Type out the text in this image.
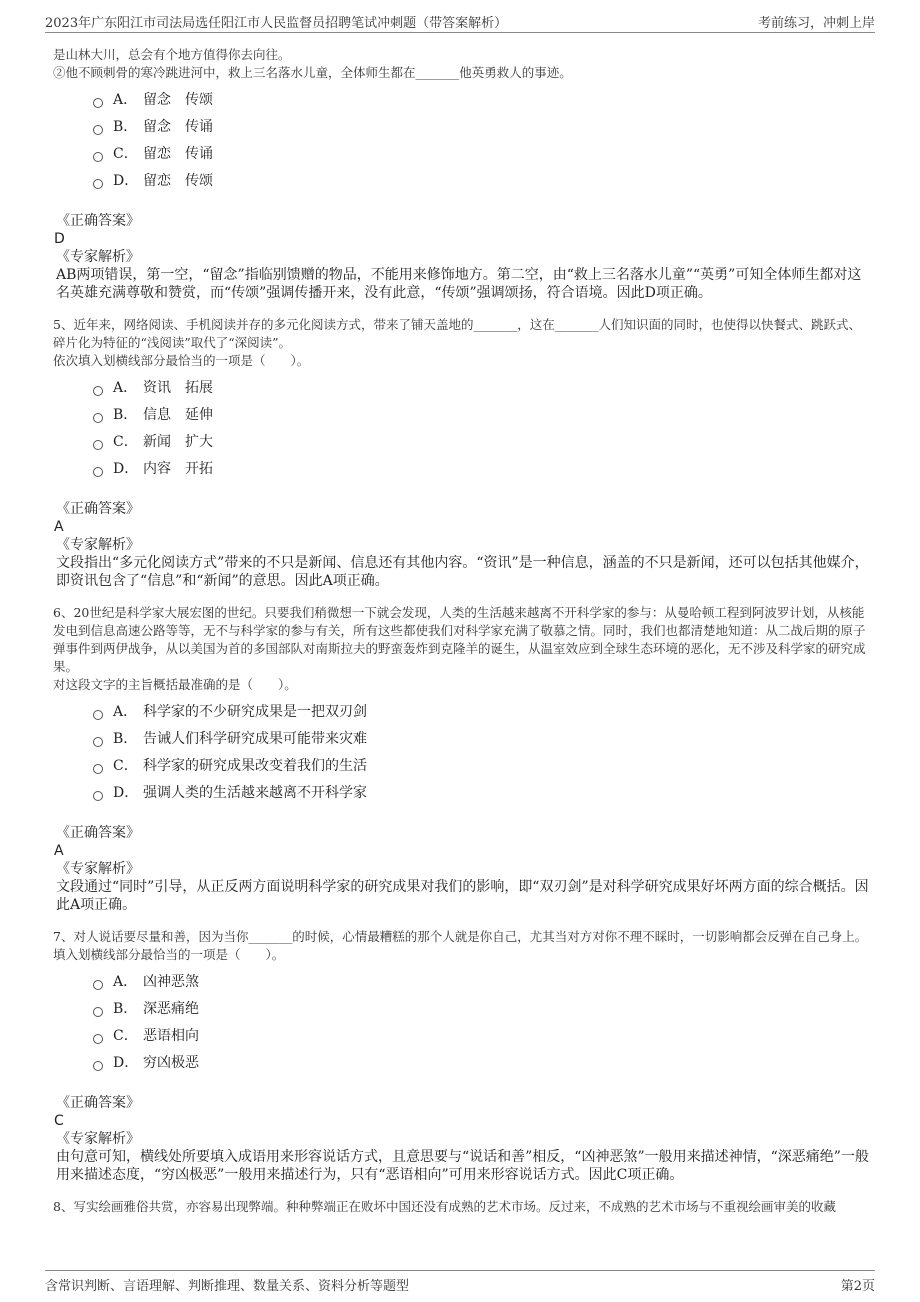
2023年广东阳江市司法局选任阳江市人民监督员招聘笔试冲刺题（带答案解析）	考前练习，冲刺上岸

是山林大川，总会有个地方值得你去向往。

②他不顾刺骨的寒冷跳进河中，救上三名落水儿童，全体师生都在_______他英勇救人的事迹。

A． 留念　传颂
B． 留念　传诵
C． 留恋　传诵
D． 留恋　传颂

《正确答案》

D

《专家解析》

AB两项错误，第一空，“留念”指临别馈赠的物品，不能用来修饰地方。第二空，由“救上三名落水儿童”“英勇”可知全体师生都对这名英雄充满尊敬和赞赏，而“传颂”强调传播开来，没有此意，“传颂”强调颂扬，符合语境。因此D项正确。

5、近年来，网络阅读、手机阅读并存的多元化阅读方式，带来了铺天盖地的_______，这在_______人们知识面的同时，也使得以快餐式、跳跃式、碎片化为特征的“浅阅读”取代了“深阅读”。

依次填入划横线部分最恰当的一项是（　　）。

A． 资讯　拓展
B． 信息　延伸
C． 新闻　扩大
D． 内容　开拓

《正确答案》

A

《专家解析》

文段指出“多元化阅读方式”带来的不只是新闻、信息还有其他内容。“资讯”是一种信息，涵盖的不只是新闻，还可以包括其他媒介，即资讯包含了“信息”和“新闻”的意思。因此A项正确。

6、20世纪是科学家大展宏图的世纪。只要我们稍微想一下就会发现，人类的生活越来越离不开科学家的参与：从曼哈顿工程到阿波罗计划，从核能发电到信息高速公路等等，无不与科学家的参与有关，所有这些都使我们对科学家充满了敬慕之情。同时，我们也都清楚地知道：从二战后期的原子弹事件到两伊战争，从以美国为首的多国部队对南斯拉夫的野蛮轰炸到克隆羊的诞生，从温室效应到全球生态环境的恶化，无不涉及科学家的研究成果。

对这段文字的主旨概括最准确的是（　　）。

A． 科学家的不少研究成果是一把双刃剑
B． 告诫人们科学研究成果可能带来灾难
C． 科学家的研究成果改变着我们的生活
D． 强调人类的生活越来越离不开科学家

《正确答案》

A

《专家解析》

文段通过“同时”引导，从正反两方面说明科学家的研究成果对我们的影响，即“双刃剑”是对科学研究成果好坏两方面的综合概括。因此A项正确。

7、对人说话要尽量和善，因为当你_______的时候，心情最糟糕的那个人就是你自己，尤其当对方对你不理不睬时，一切影响都会反弹在自己身上。

填入划横线部分最恰当的一项是（　　）。

A． 凶神恶煞
B． 深恶痛绝
C． 恶语相向
D． 穷凶极恶

《正确答案》

C

《专家解析》

由句意可知，横线处所要填入成语用来形容说话方式，且意思要与“说话和善”相反，“凶神恶煞”一般用来描述神情，“深恶痛绝”一般用来描述态度，“穷凶极恶”一般用来描述行为，只有“恶语相向”可用来形容说话方式。因此C项正确。

8、写实绘画雅俗共赏，亦容易出现弊端。种种弊端正在败坏中国还没有成熟的艺术市场。反过来，不成熟的艺术市场与不重视绘画审美的收藏

含常识判断、言语理解、判断推理、数量关系、资料分析等题型	第2页
